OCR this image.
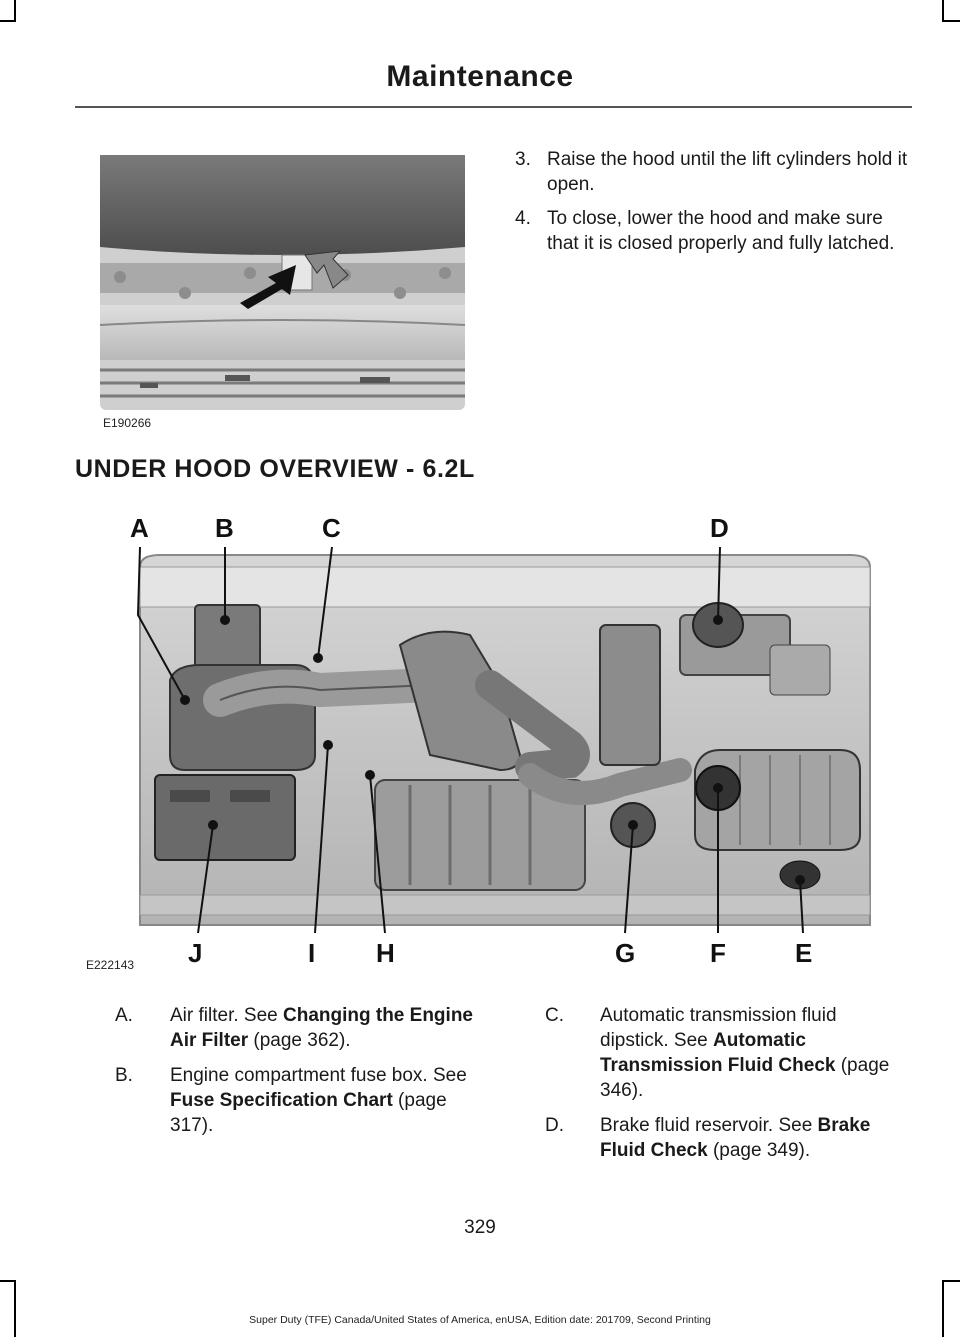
Maintenance
E190266
3. Raise the hood until the lift cylinders hold it open.
4. To close, lower the hood and make sure that it is closed properly and fully latched.
UNDER HOOD OVERVIEW - 6.2L
A	B	C	D
J	I H	G	F	E
E222143
A.	Air filter. See Changing the Engine Air Filter (page 362).
B.	Engine compartment fuse box. See Fuse Specification Chart (page 317).
C.	Automatic transmission fluid dipstick. See Automatic Transmission Fluid Check (page 346).
D.	Brake fluid reservoir. See Brake Fluid Check (page 349).
329
Super Duty (TFE) Canada/United States of America, enUSA, Edition date: 201709, Second Printing
